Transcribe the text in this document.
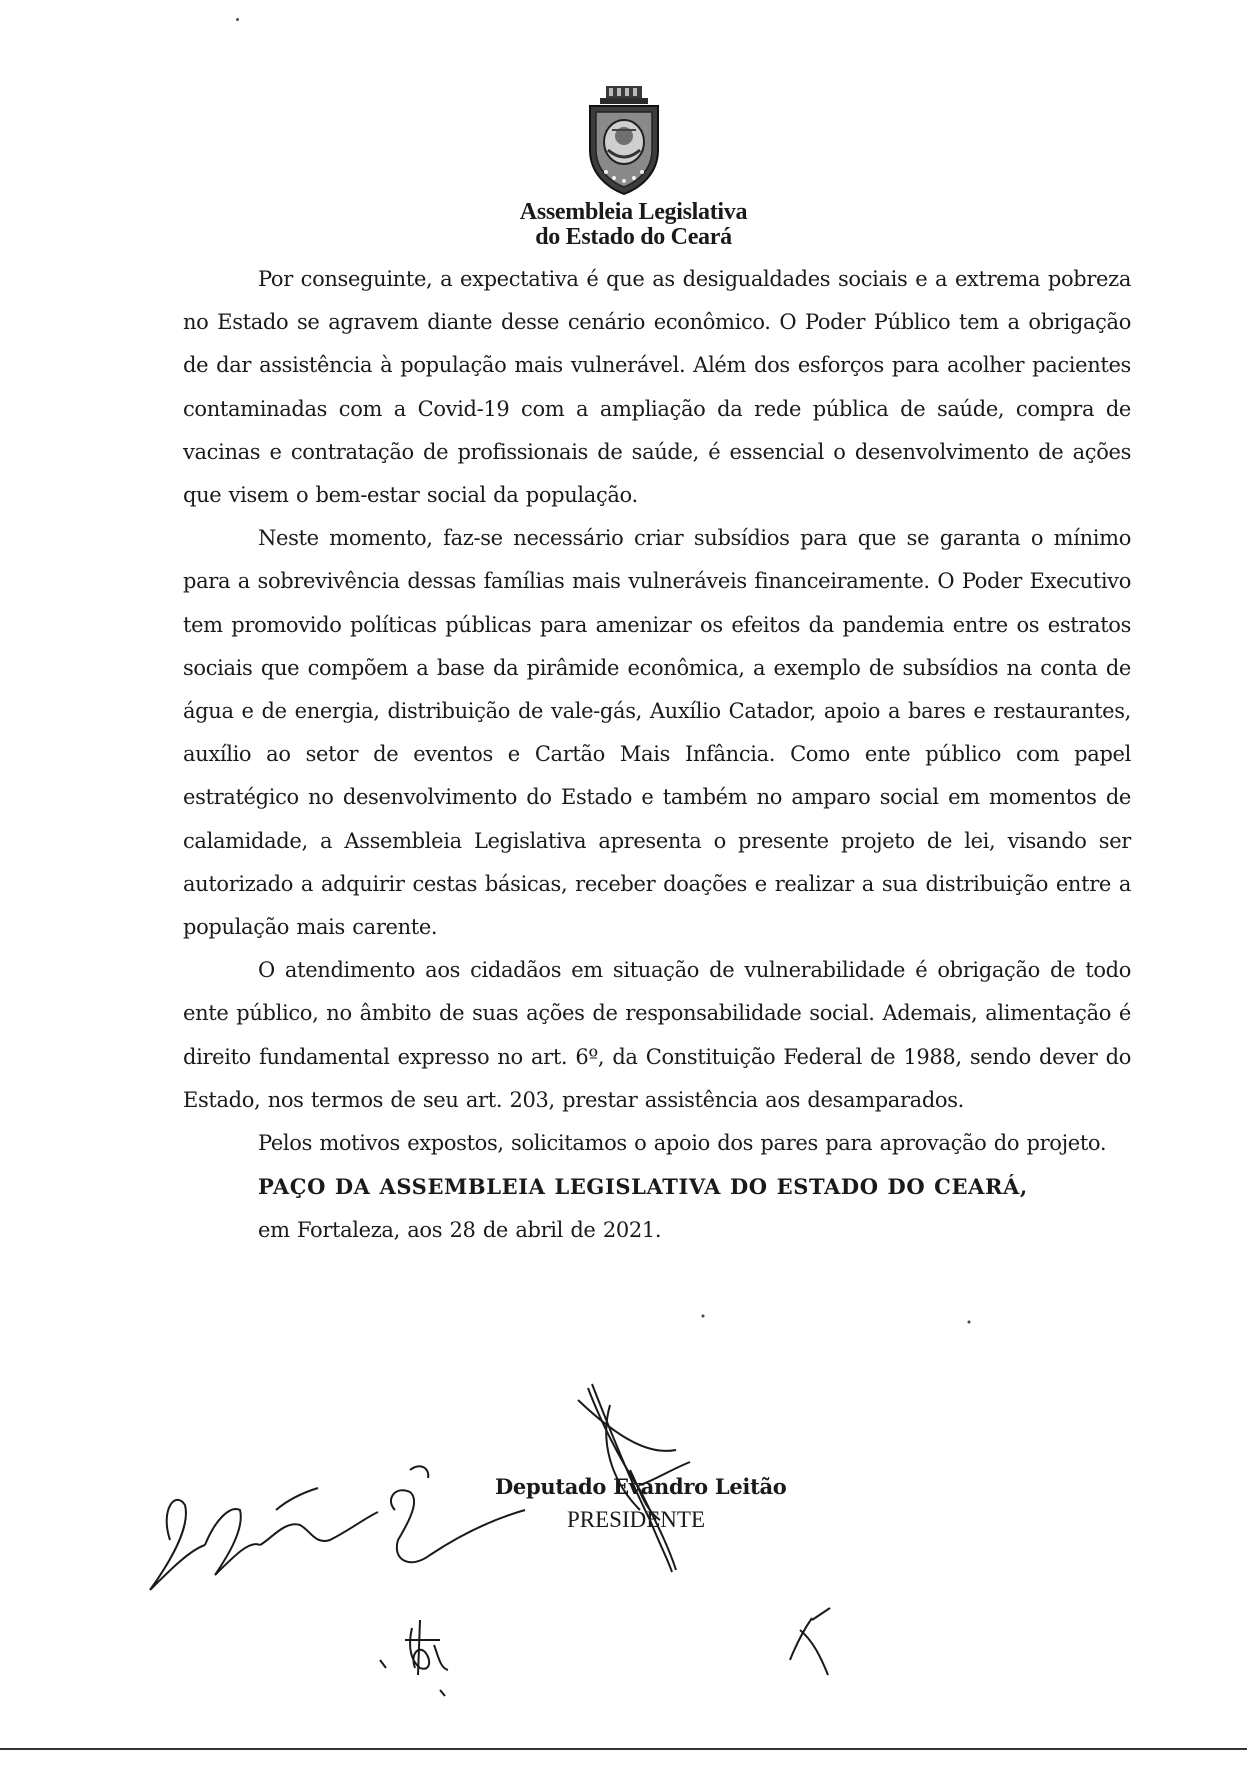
Assembleia Legislativa
do Estado do Ceará

Por conseguinte, a expectativa é que as desigualdades sociais e a extrema pobreza no Estado se agravem diante desse cenário econômico. O Poder Público tem a obrigação de dar assistência à população mais vulnerável. Além dos esforços para acolher pacientes contaminadas com a Covid-19 com a ampliação da rede pública de saúde, compra de vacinas e contratação de profissionais de saúde, é essencial o desenvolvimento de ações que visem o bem-estar social da população.

Neste momento, faz-se necessário criar subsídios para que se garanta o mínimo para a sobrevivência dessas famílias mais vulneráveis financeiramente. O Poder Executivo tem promovido políticas públicas para amenizar os efeitos da pandemia entre os estratos sociais que compõem a base da pirâmide econômica, a exemplo de subsídios na conta de água e de energia, distribuição de vale-gás, Auxílio Catador, apoio a bares e restaurantes, auxílio ao setor de eventos e Cartão Mais Infância. Como ente público com papel estratégico no desenvolvimento do Estado e também no amparo social em momentos de calamidade, a Assembleia Legislativa apresenta o presente projeto de lei, visando ser autorizado a adquirir cestas básicas, receber doações e realizar a sua distribuição entre a população mais carente.

O atendimento aos cidadãos em situação de vulnerabilidade é obrigação de todo ente público, no âmbito de suas ações de responsabilidade social. Ademais, alimentação é direito fundamental expresso no art. 6º, da Constituição Federal de 1988, sendo dever do Estado, nos termos de seu art. 203, prestar assistência aos desamparados.

Pelos motivos expostos, solicitamos o apoio dos pares para aprovação do projeto.

PAÇO DA ASSEMBLEIA LEGISLATIVA DO ESTADO DO CEARÁ,

em Fortaleza, aos 28 de abril de 2021.

Deputado Evandro Leitão
PRESIDENTE
